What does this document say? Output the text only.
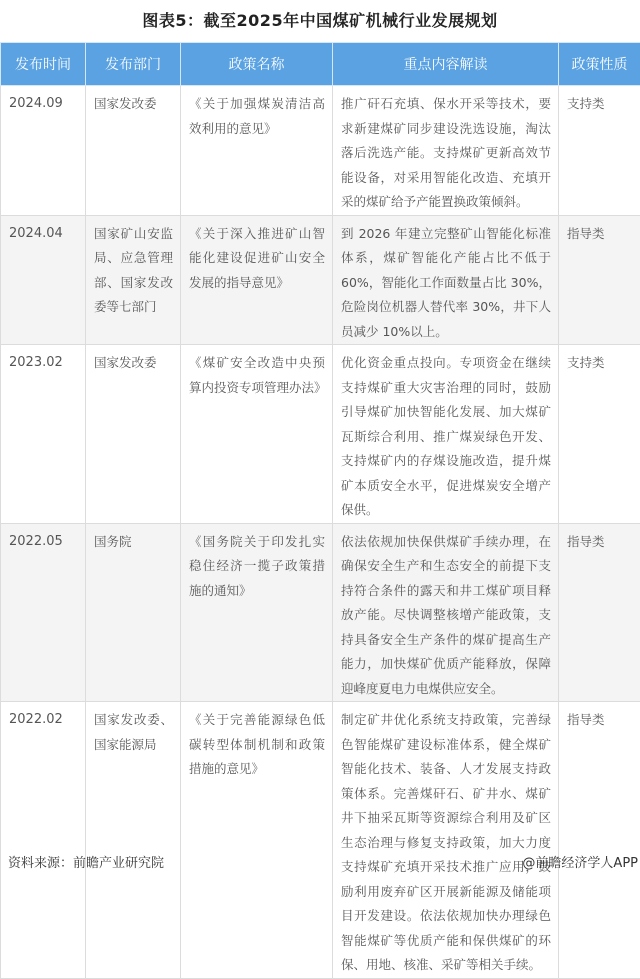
图表5：截至2025年中国煤矿机械行业发展规划
发布时间	发布部门	政策名称	重点内容解读	政策性质
2024.09	国家发改委	《关于加强煤炭清洁高效利用的意见》	推广矸石充填、保水开采等技术，要求新建煤矿同步建设洗选设施，淘汰落后洗选产能。支持煤矿更新高效节能设备，对采用智能化改造、充填开采的煤矿给予产能置换政策倾斜。	支持类
2024.04	国家矿山安监局、应急管理部、国家发改委等七部门	《关于深入推进矿山智能化建设促进矿山安全发展的指导意见》	到 2026 年建立完整矿山智能化标准体系，煤矿智能化产能占比不低于 60%，智能化工作面数量占比 30%，危险岗位机器人替代率 30%，井下人员减少 10%以上。	指导类
2023.02	国家发改委	《煤矿安全改造中央预算内投资专项管理办法》	优化资金重点投向。专项资金在继续支持煤矿重大灾害治理的同时，鼓励引导煤矿加快智能化发展、加大煤矿瓦斯综合利用、推广煤炭绿色开发、支持煤矿内的存煤设施改造，提升煤矿本质安全水平，促进煤炭安全增产保供。	支持类
2022.05	国务院	《国务院关于印发扎实稳住经济一揽子政策措施的通知》	依法依规加快保供煤矿手续办理，在确保安全生产和生态安全的前提下支持符合条件的露天和井工煤矿项目释放产能。尽快调整核增产能政策，支持具备安全生产条件的煤矿提高生产能力，加快煤矿优质产能释放，保障迎峰度夏电力电煤供应安全。	指导类
2022.02	国家发改委、国家能源局	《关于完善能源绿色低碳转型体制机制和政策措施的意见》	制定矿井优化系统支持政策，完善绿色智能煤矿建设标准体系，健全煤矿智能化技术、装备、人才发展支持政策体系。完善煤矸石、矿井水、煤矿井下抽采瓦斯等资源综合利用及矿区生态治理与修复支持政策，加大力度支持煤矿充填开采技术推广应用，鼓励利用废弃矿区开展新能源及储能项目开发建设。依法依规加快办理绿色智能煤矿等优质产能和保供煤矿的环保、用地、核准、采矿等相关手续。	指导类
资料来源：前瞻产业研究院	@前瞻经济学人APP
